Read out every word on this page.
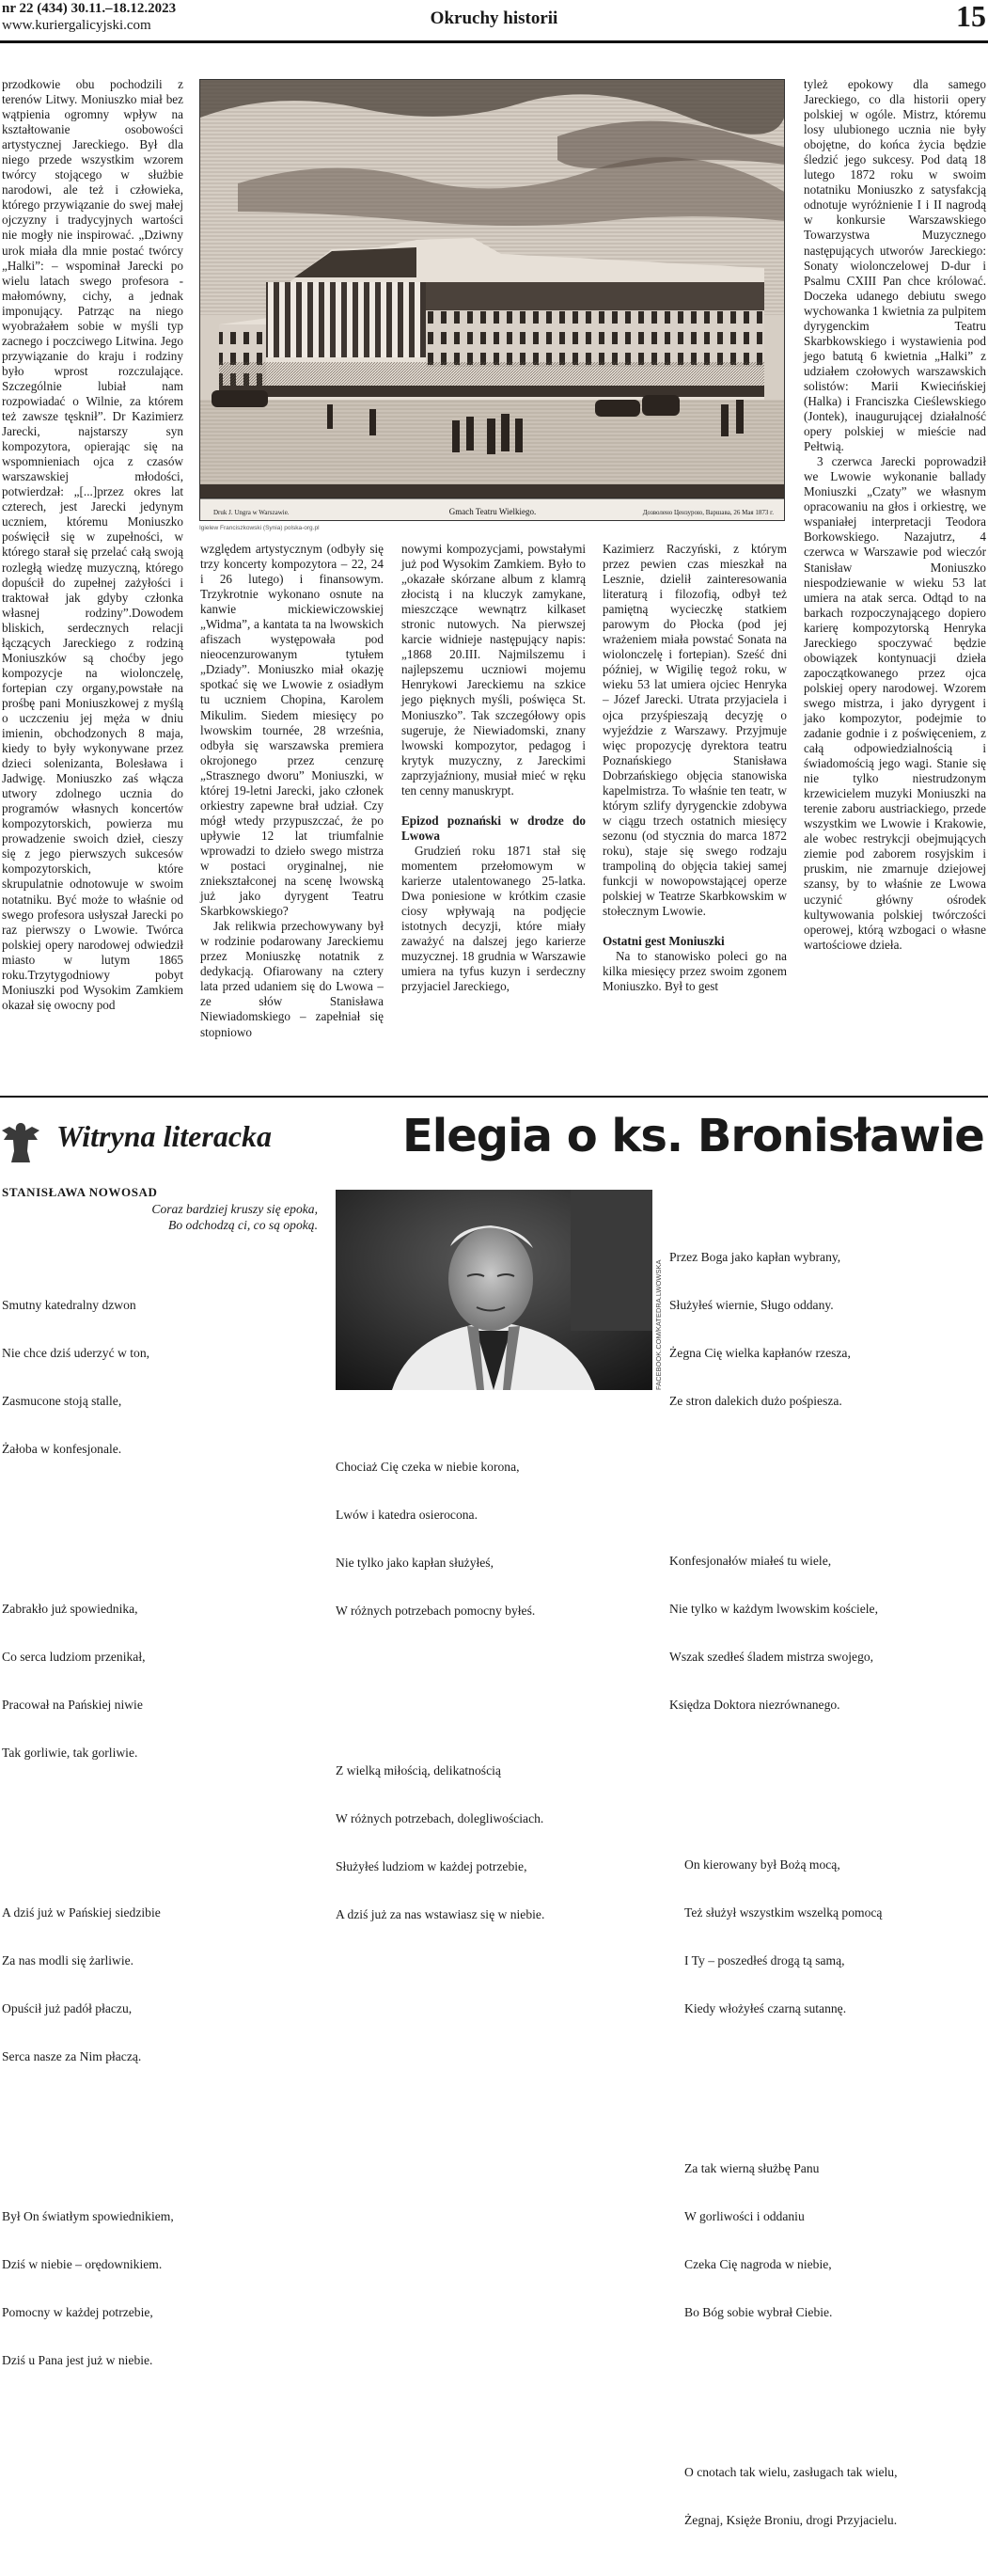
nr 22 (434) 30.11.–18.12.2023
www.kuriergalicyjski.com	Okruchy historii	15

przodkowie obu pochodzili z terenów Litwy. Moniuszko miał bez wątpienia ogromny wpływ na kształtowanie osobowości artystycznej Jareckiego. Był dla niego przede wszystkim wzorem twórcy stojącego w służbie narodowi, ale też i człowieka, którego przywiązanie do swej małej ojczyzny i tradycyjnych wartości nie mogły nie inspirować. „Dziwny urok miała dla mnie postać twórcy „Halki”: – wspominał Jarecki po wielu latach swego profesora - małomówny, cichy, a jednak imponujący. Patrząc na niego wyobrażałem sobie w myśli typ zacnego i poczciwego Litwina. Jego przywiązanie do kraju i rodziny było wprost rozczulające. Szczególnie lubiał nam rozpowiadać o Wilnie, za którem też zawsze tęsknił”. Dr Kazimierz Jarecki, najstarszy syn kompozytora, opierając się na wspomnieniach ojca z czasów warszawskiej młodości, potwierdzał: „[...]przez okres lat czterech, jest Jarecki jedynym uczniem, któremu Moniuszko poświęcił się w zupełności, w którego starał się przelać całą swoją rozległą wiedzę muzyczną, którego dopuścił do zupełnej zażyłości i traktował jak gdyby członka własnej rodziny”.Dowodem bliskich, serdecznych relacji łączących Jareckiego z rodziną Moniuszków są choćby jego kompozycje na wiolonczelę, fortepian czy organy,powstałe na prośbę pani Moniuszkowej z myślą o uczczeniu jej męża w dniu imienin, obchodzonych 8 maja, kiedy to były wykonywane przez dzieci solenizanta, Bolesława i Jadwigę. Moniuszko zaś włącza utwory zdolnego ucznia do programów własnych koncertów kompozytorskich, powierza mu prowadzenie swoich dzieł, cieszy się z jego pierwszych sukcesów kompozytorskich, które skrupulatnie odnotowuje w swoim notatniku. Być może to właśnie od swego profesora usłyszał Jarecki po raz pierwszy o Lwowie. Twórca polskiej opery narodowej odwiedził miasto w lutym 1865 roku.Trzytygodniowy pobyt Moniuszki pod Wysokim Zamkiem okazał się owocny pod

Druk J. Ungra w Warszawie.	Gmach Teatru Wielkiego.	Дозволено Цензурою, Варшава, 26 Мая 1873 г.
Igielew Franciszkowski (Synia) polska-org.pl

względem artystycznym (odbyły się trzy koncerty kompozytora – 22, 24 i 26 lutego) i finansowym. Trzykrotnie wykonano osnute na kanwie mickiewiczowskiej „Widma”, a kantata ta na lwowskich afiszach występowała pod nieocenzurowanym tytułem „Dziady”. Moniuszko miał okazję spotkać się we Lwowie z osiadłym tu uczniem Chopina, Karolem Mikulim. Siedem miesięcy po lwowskim tournée, 28 września, odbyła się warszawska premiera okrojonego przez cenzurę „Strasznego dworu” Moniuszki, w której 19-letni Jarecki, jako członek orkiestry zapewne brał udział. Czy mógł wtedy przypuszczać, że po upływie 12 lat triumfalnie wprowadzi to dzieło swego mistrza w postaci oryginalnej, nie zniekształconej na scenę lwowską już jako dyrygent Teatru Skarbkowskiego?

Jak relikwia przechowywany był w rodzinie podarowany Jareckiemu przez Moniuszkę notatnik z dedykacją. Ofiarowany na cztery lata przed udaniem się do Lwowa – ze słów Stanisława Niewiadomskiego – zapełniał się stopniowo

nowymi kompozycjami, powstałymi już pod Wysokim Zamkiem. Było to „okazałe skórzane album z klamrą złocistą i na kluczyk zamykane, mieszczące wewnątrz kilkaset stronic nutowych. Na pierwszej karcie widnieje następujący napis: „1868 20.III. Najmilszemu i najlepszemu uczniowi mojemu Henrykowi Jareckiemu na szkice jego pięknych myśli, poświęca St. Moniuszko”. Tak szczegółowy opis sugeruje, że Niewiadomski, znany lwowski kompozytor, pedagog i krytyk muzyczny, z Jareckimi zaprzyjaźniony, musiał mieć w ręku ten cenny manuskrypt.

Epizod poznański w drodze do Lwowa

Grudzień roku 1871 stał się momentem przełomowym w karierze utalentowanego 25-latka. Dwa poniesione w krótkim czasie ciosy wpływają na podjęcie istotnych decyzji, które miały zaważyć na dalszej jego karierze muzycznej. 18 grudnia w Warszawie umiera na tyfus kuzyn i serdeczny przyjaciel Jareckiego,

Kazimierz Raczyński, z którym przez pewien czas mieszkał na Lesznie, dzielił zainteresowania literaturą i filozofią, odbył też pamiętną wycieczkę statkiem parowym do Płocka (pod jej wrażeniem miała powstać Sonata na wiolonczelę i fortepian). Sześć dni później, w Wigilię tegoż roku, w wieku 53 lat umiera ojciec Henryka – Józef Jarecki. Utrata przyjaciela i ojca przyśpieszają decyzję o wyjeździe z Warszawy. Przyjmuje więc propozycję dyrektora teatru Poznańskiego Stanisława Dobrzańskiego objęcia stanowiska kapelmistrza. To właśnie ten teatr, w którym szlify dyrygenckie zdobywa w ciągu trzech ostatnich miesięcy sezonu (od stycznia do marca 1872 roku), staje się swego rodzaju trampoliną do objęcia takiej samej funkcji w nowopowstającej operze polskiej w Teatrze Skarbkowskim w stołecznym Lwowie.

Ostatni gest Moniuszki

Na to stanowisko poleci go na kilka miesięcy przez swoim zgonem Moniuszko. Był to gest

tyleż epokowy dla samego Jareckiego, co dla historii opery polskiej w ogóle. Mistrz, któremu losy ulubionego ucznia nie były obojętne, do końca życia będzie śledzić jego sukcesy. Pod datą 18 lutego 1872 roku w swoim notatniku Moniuszko z satysfakcją odnotuje wyróżnienie I i II nagrodą w konkursie Warszawskiego Towarzystwa Muzycznego następujących utworów Jareckiego: Sonaty wiolonczelowej D-dur i Psalmu CXIII Pan chce królować. Doczeka udanego debiutu swego wychowanka 1 kwietnia za pulpitem dyrygenckim Teatru Skarbkowskiego i wystawienia pod jego batutą 6 kwietnia „Halki” z udziałem czołowych warszawskich solistów: Marii Kwiecińskiej (Halka) i Franciszka Cieślewskiego (Jontek), inaugurującej działalność opery polskiej w mieście nad Pełtwią.

3 czerwca Jarecki poprowadził we Lwowie wykonanie ballady Moniuszki „Czaty” we własnym opracowaniu na głos i orkiestrę, we wspaniałej interpretacji Teodora Borkowskiego. Nazajutrz, 4 czerwca w Warszawie pod wieczór Stanisław Moniuszko niespodziewanie w wieku 53 lat umiera na atak serca. Odtąd to na barkach rozpoczynającego dopiero karierę kompozytorską Henryka Jareckiego spoczywać będzie obowiązek kontynuacji dzieła zapoczątkowanego przez ojca polskiej opery narodowej. Wzorem swego mistrza, i jako dyrygent i jako kompozytor, podejmie to zadanie godnie i z poświęceniem, z całą odpowiedzialnością i świadomością jego wagi. Stanie się nie tylko niestrudzonym krzewicielem muzyki Moniuszki na terenie zaboru austriackiego, przede wszystkim we Lwowie i Krakowie, ale wobec restrykcji obejmujących ziemie pod zaborem rosyjskim i pruskim, nie zmarnuje dziejowej szansy, by to właśnie ze Lwowa uczynić główny ośrodek kultywowania polskiej twórczości operowej, którą wzbogaci o własne wartościowe dzieła.

Witryna literacka	Elegia o ks. Bronisławie
STANISŁAWA NOWOSAD
Coraz bardziej kruszy się epoka,
Bo odchodzą ci, co są opoką.

Smutny katedralny dzwon

Nie chce dziś uderzyć w ton,

Zasmucone stoją stalle,

Żałoba w konfesjonale.

Zabrakło już spowiednika,

Co serca ludziom przenikał,

Pracował na Pańskiej niwie

Tak gorliwie, tak gorliwie.

A dziś już w Pańskiej siedzibie

Za nas modli się żarliwie.

Opuścił już padół płaczu,

Serca nasze za Nim płaczą.

Był On światłym spowiednikiem,

Dziś w niebie – orędownikiem.

Pomocny w każdej potrzebie,

Dziś u Pana jest już w niebie.

FACEBOOK.COM/KATEDRA.LWOWSKA

Chociaż Cię czeka w niebie korona,

Lwów i katedra osierocona.

Nie tylko jako kapłan służyłeś,

W różnych potrzebach pomocny byłeś.

Z wielką miłością, delikatnością

W różnych potrzebach, dolegliwościach.

Służyłeś ludziom w każdej potrzebie,

A dziś już za nas wstawiasz się w niebie.

Przez Boga jako kapłan wybrany,

Służyłeś wiernie, Sługo oddany.

Żegna Cię wielka kapłanów rzesza,

Ze stron dalekich dużo pośpiesza.

Konfesjonałów miałeś tu wiele,

Nie tylko w każdym lwowskim kościele,

Wszak szedłeś śladem mistrza swojego,

Księdza Doktora niezrównanego.

On kierowany był Bożą mocą,

Też służył wszystkim wszelką pomocą

I Ty – poszedłeś drogą tą samą,

Kiedy włożyłeś czarną sutannę.

Za tak wierną służbę Panu

W gorliwości i oddaniu

Czeka Cię nagroda w niebie,

Bo Bóg sobie wybrał Ciebie.

O cnotach tak wielu, zasługach tak wielu,

Żegnaj, Księże Broniu, drogi Przyjacielu.
